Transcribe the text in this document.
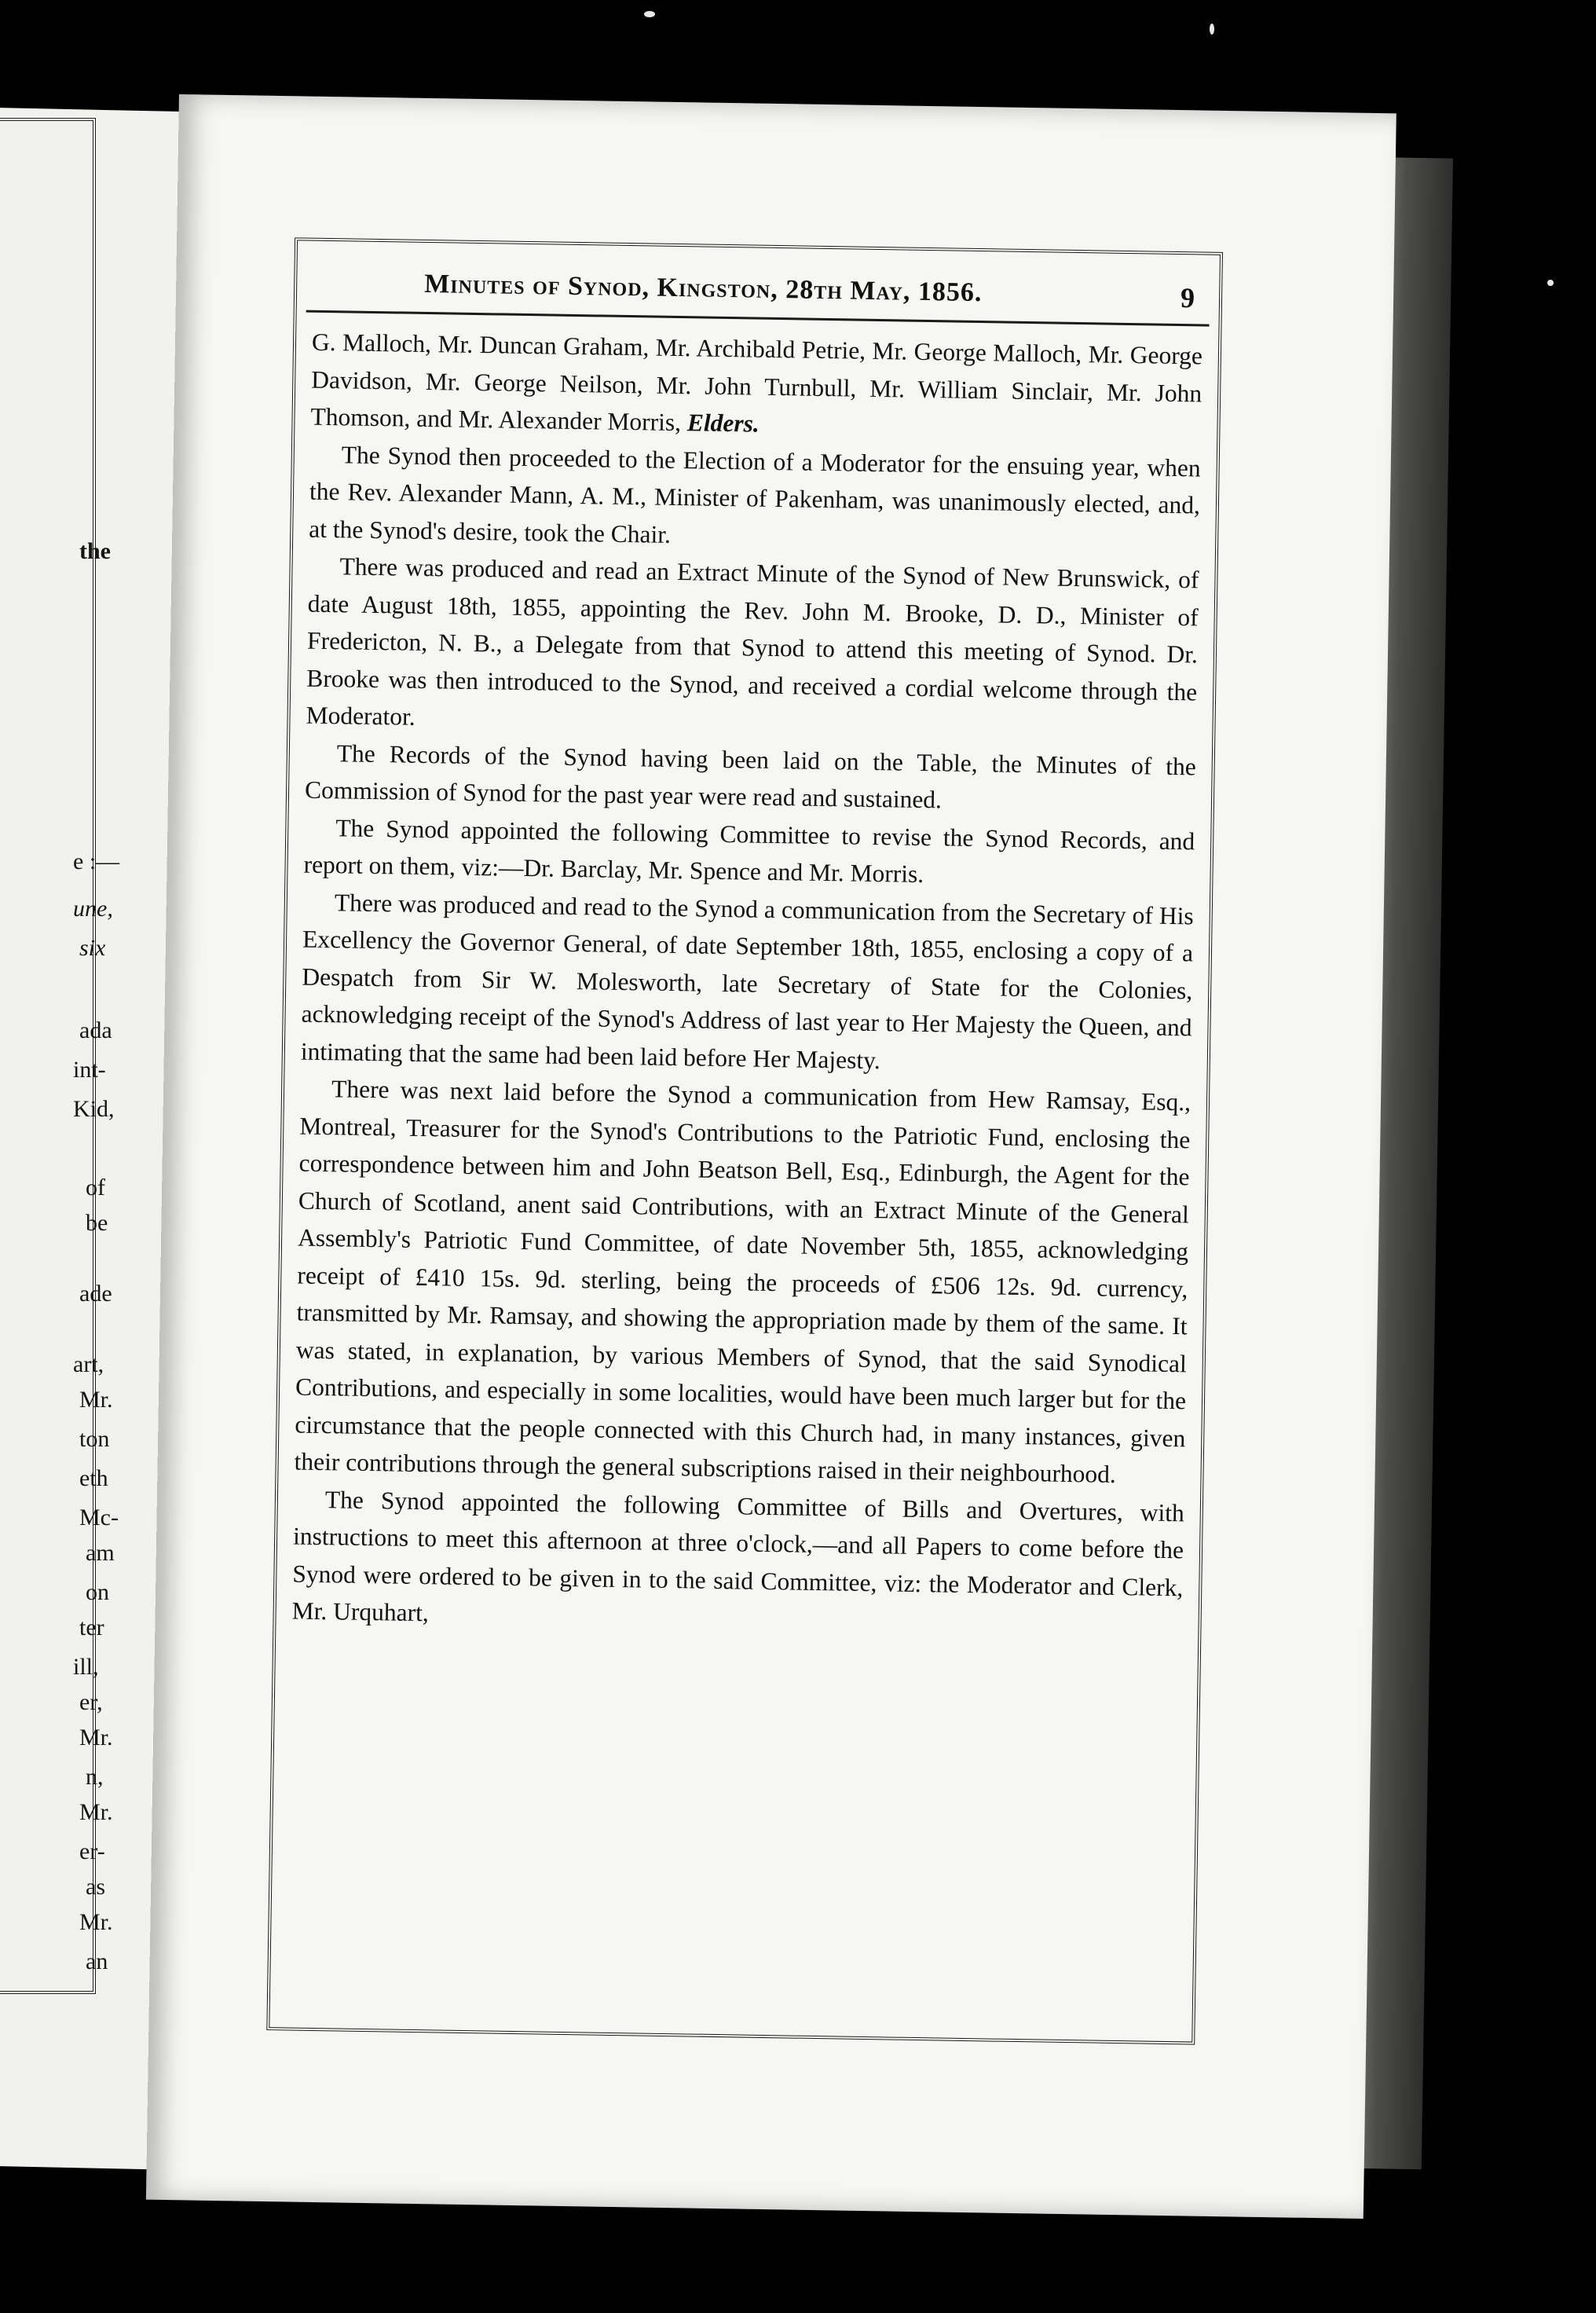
the
e :—
une,
six
ada
int-
Kid,
of
be
ade
art,
Mr.
ton
eth
Mc-
am
on
ter
ill,
er,
Mr.
n,
Mr.
er-
as
Mr.
an
Minutes of Synod, Kingston, 28th May, 1856.	9

G. Malloch, Mr. Duncan Graham, Mr. Archibald Petrie, Mr. George Malloch, Mr. George Davidson, Mr. George Neilson, Mr. John Turnbull, Mr. William Sinclair, Mr. John Thomson, and Mr. Alexander Morris, Elders.

The Synod then proceeded to the Election of a Moderator for the ensuing year, when the Rev. Alexander Mann, A. M., Minister of Pakenham, was unanimously elected, and, at the Synod's desire, took the Chair.

There was produced and read an Extract Minute of the Synod of New Brunswick, of date August 18th, 1855, appointing the Rev. John M. Brooke, D. D., Minister of Fredericton, N. B., a Delegate from that Synod to attend this meeting of Synod. Dr. Brooke was then introduced to the Synod, and received a cordial welcome through the Moderator.

The Records of the Synod having been laid on the Table, the Minutes of the Commission of Synod for the past year were read and sustained.

The Synod appointed the following Committee to revise the Synod Records, and report on them, viz:—Dr. Barclay, Mr. Spence and Mr. Morris.

There was produced and read to the Synod a communication from the Secretary of His Excellency the Governor General, of date September 18th, 1855, enclosing a copy of a Despatch from Sir W. Molesworth, late Secretary of State for the Colonies, acknowledging receipt of the Synod's Address of last year to Her Majesty the Queen, and intimating that the same had been laid before Her Majesty.

There was next laid before the Synod a communication from Hew Ramsay, Esq., Montreal, Treasurer for the Synod's Contributions to the Patriotic Fund, enclosing the correspondence between him and John Beatson Bell, Esq., Edinburgh, the Agent for the Church of Scotland, anent said Contributions, with an Extract Minute of the General Assembly's Patriotic Fund Committee, of date November 5th, 1855, acknowledging receipt of £410 15s. 9d. sterling, being the proceeds of £506 12s. 9d. currency, transmitted by Mr. Ramsay, and showing the appropriation made by them of the same. It was stated, in explanation, by various Members of Synod, that the said Synodical Contributions, and especially in some localities, would have been much larger but for the circumstance that the people connected with this Church had, in many instances, given their contributions through the general subscriptions raised in their neighbourhood.

The Synod appointed the following Committee of Bills and Overtures, with instructions to meet this afternoon at three o'clock,—and all Papers to come before the Synod were ordered to be given in to the said Committee, viz: the Moderator and Clerk, Mr. Urquhart,
